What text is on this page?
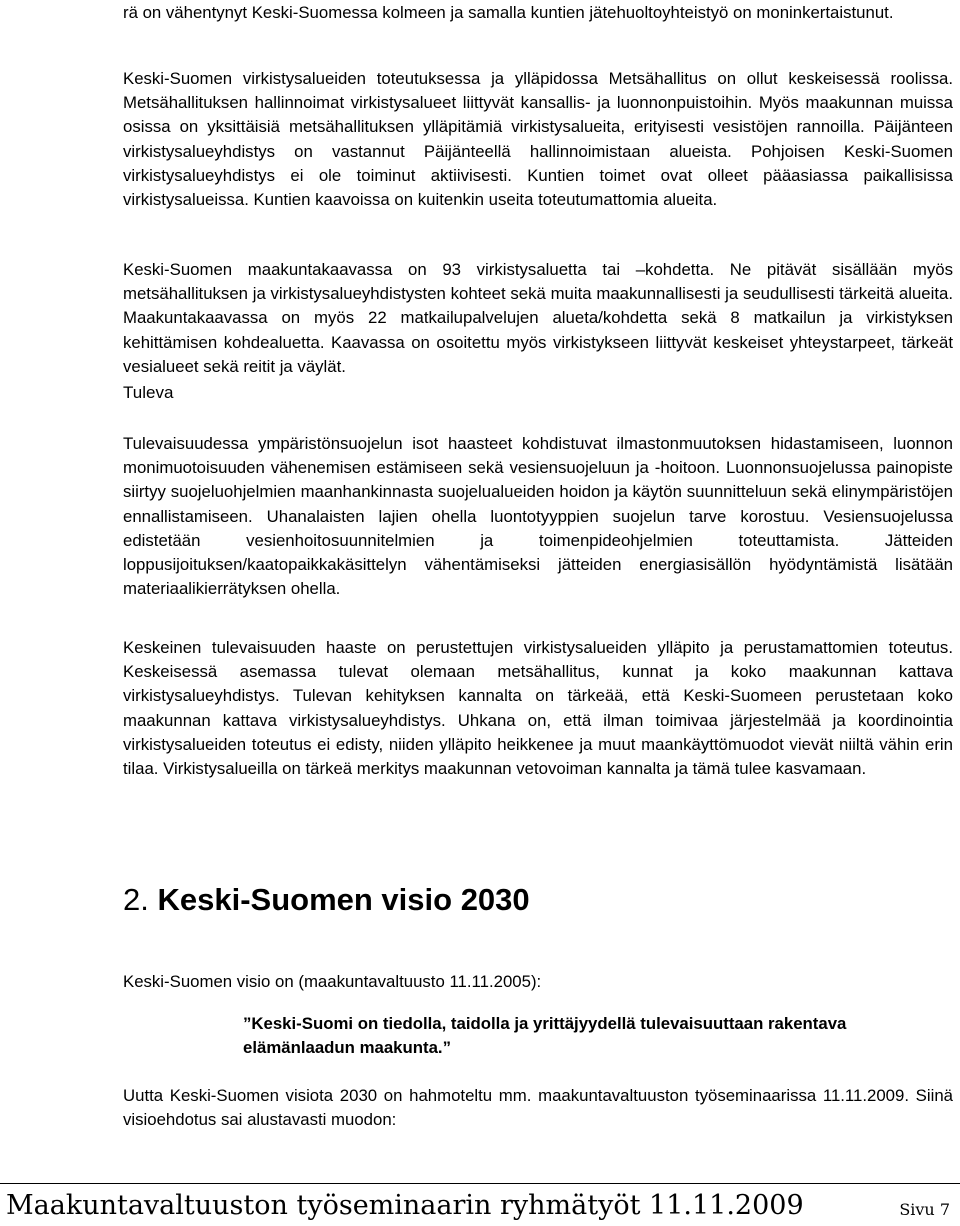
rä on vähentynyt Keski-Suomessa kolmeen ja samalla kuntien jätehuoltoyhteistyö on moninkertaistunut.

Keski-Suomen virkistysalueiden toteutuksessa ja ylläpidossa Metsähallitus on ollut keskeisessä roolissa. Metsähallituksen hallinnoimat virkistysalueet liittyvät kansallis- ja luonnonpuistoihin. Myös maakunnan muissa osissa on yksittäisiä metsähallituksen ylläpitämiä virkistysalueita, erityisesti vesistöjen rannoilla. Päijänteen virkistysalueyhdistys on vastannut Päijänteellä hallinnoimistaan alueista. Pohjoisen Keski-Suomen virkistysalueyhdistys ei ole toiminut aktiivisesti. Kuntien toimet ovat olleet pääasiassa paikallisissa virkistysalueissa. Kuntien kaavoissa on kuitenkin useita toteutumattomia alueita.

Keski-Suomen maakuntakaavassa on 93 virkistysaluetta tai –kohdetta. Ne pitävät sisällään myös metsähallituksen ja virkistysalueyhdistysten kohteet sekä muita maakunnallisesti ja seudullisesti tärkeitä alueita. Maakuntakaavassa on myös 22 matkailupalvelujen alueta/kohdetta sekä 8 matkailun ja virkistyksen kehittämisen kohdealuetta. Kaavassa on osoitettu myös virkistykseen liittyvät keskeiset yhteystarpeet, tärkeät vesialueet sekä reitit ja väylät.

Tuleva

Tulevaisuudessa ympäristönsuojelun isot haasteet kohdistuvat ilmastonmuutoksen hidastamiseen, luonnon monimuotoisuuden vähenemisen estämiseen sekä vesiensuojeluun ja -hoitoon. Luonnonsuojelussa painopiste siirtyy suojeluohjelmien maanhankinnasta suojelualueiden hoidon ja käytön suunnitteluun sekä elinympäristöjen ennallistamiseen. Uhanalaisten lajien ohella luontotyyppien suojelun tarve korostuu. Vesiensuojelussa edistetään vesienhoitosuunnitelmien ja toimenpideohjelmien toteuttamista. Jätteiden loppusijoituksen/kaatopaikkakäsittelyn vähentämiseksi jätteiden energiasisällön hyödyntämistä lisätään materiaalikierrätyksen ohella.

Keskeinen tulevaisuuden haaste on perustettujen virkistysalueiden ylläpito ja perustamattomien toteutus. Keskeisessä asemassa tulevat olemaan metsähallitus, kunnat ja koko maakunnan kattava virkistysalueyhdistys. Tulevan kehityksen kannalta on tärkeää, että Keski-Suomeen perustetaan koko maakunnan kattava virkistysalueyhdistys. Uhkana on, että ilman toimivaa järjestelmää ja koordinointia virkistysalueiden toteutus ei edisty, niiden ylläpito heikkenee ja muut maankäyttömuodot vievät niiltä vähin erin tilaa. Virkistysalueilla on tärkeä merkitys maakunnan vetovoiman kannalta ja tämä tulee kasvamaan.

2. Keski-Suomen visio 2030

Keski-Suomen visio on (maakuntavaltuusto 11.11.2005):

”Keski-Suomi on tiedolla, taidolla ja yrittäjyydellä tulevaisuuttaan rakentava elämänlaadun maakunta.”

Uutta Keski-Suomen visiota 2030 on hahmoteltu mm. maakuntavaltuuston työseminaarissa 11.11.2009. Siinä visioehdotus sai alustavasti muodon:

Maakuntavaltuuston työseminaarin ryhmätyöt 11.11.2009	Sivu 7
